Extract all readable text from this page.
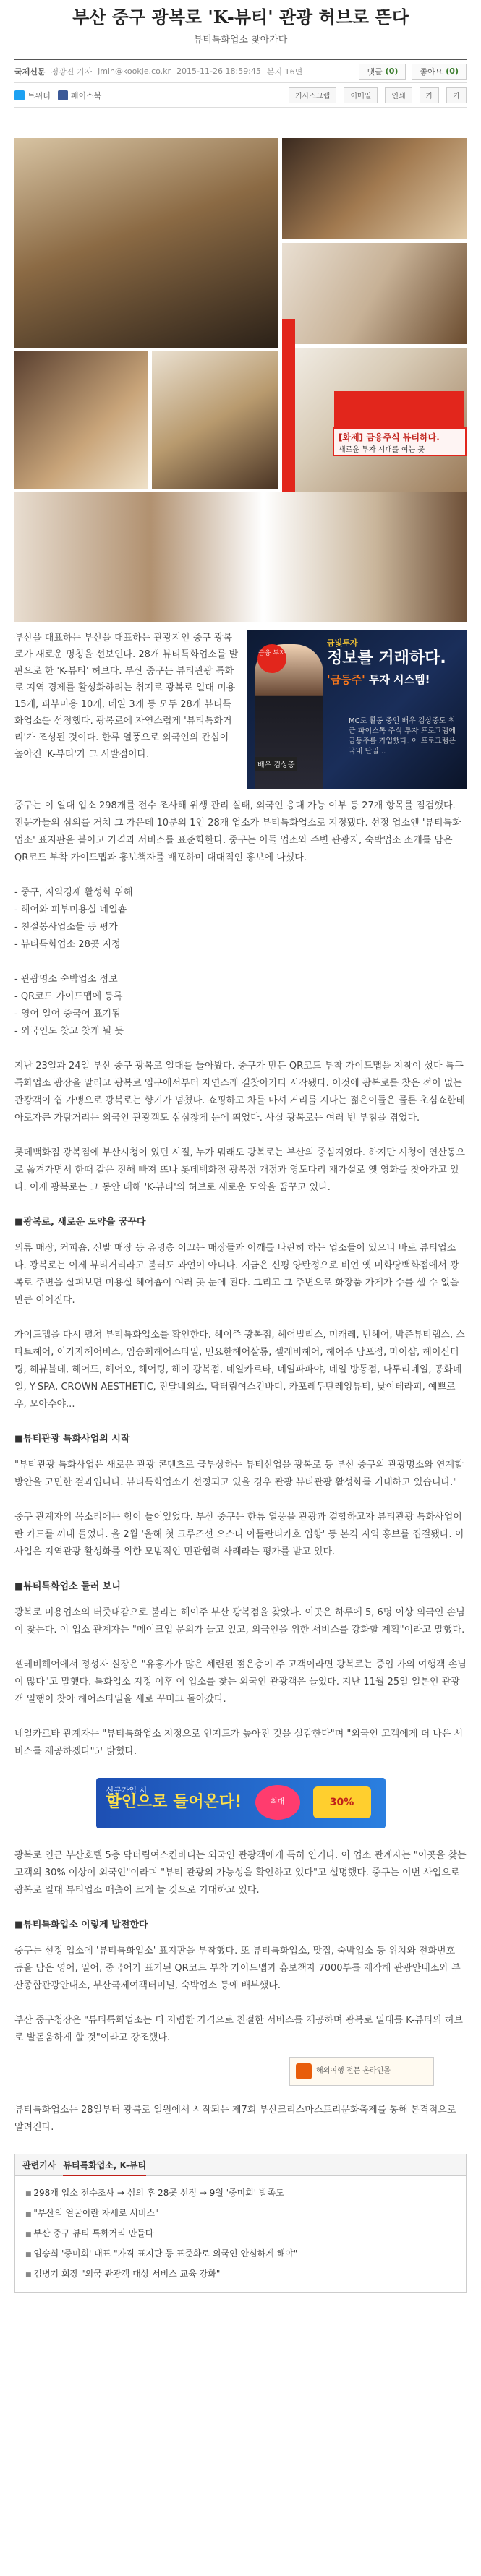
부산 중구 광복로 'K-뷰티' 관광 허브로 뜬다
뷰티특화업소 찾아가다
국제신문 정광진 기자 jmin@kookje.co.kr 2015-11-26 18:59:45 본지 16면	댓글 (0)	좋아요 (0)
트위터	페이스북	기사스크랩	이메일	인쇄	가	가
[화제] 금융주식 뷰티하다.
새로운 투자 시대를 여는 곳
부산을 대표하는 부산을 대표하는 관광지인 중구 광복로가 새로운 명칭을 선보인다. 28개 뷰티특화업소를 발판으로 한 'K-뷰티' 허브다. 부산 중구는 뷰티관광 특화로 지역 경제를 활성화하려는 취지로 광복로 일대 미용 15개, 피부미용 10개, 네일 3개 등 모두 28개 뷰티특화업소를 선정했다. 광복로에 자연스럽게 '뷰티특화거리'가 조성된 것이다. 한류 열풍으로 외국인의 관심이 높아진 'K-뷰티'가 그 시발점이다.
금융 투자
금빛투자
정보를 거래하다.
'금등주' 투자 시스템!
MC로 활동 중인 배우 김상중도 최근 파이스톡 주식 투자 프로그램에 금등주를 가입했다. 이 프로그램은 국내 단일...
배우 김상중

중구는 이 일대 업소 298개를 전수 조사해 위생 관리 실태, 외국인 응대 가능 여부 등 27개 항목를 점검했다. 전문가들의 심의를 거쳐 그 가운데 10분의 1인 28개 업소가 뷰티특화업소로 지정됐다. 선정 업소엔 '뷰티특화업소' 표지판을 붙이고 가격과 서비스를 표준화한다. 중구는 이들 업소와 주변 관광지, 숙박업소 소개를 담은 QR코드 부착 가이드맵과 홍보책자를 배포하며 대대적인 홍보에 나섰다.

- 중구, 지역경제 활성화 위해
- 헤어와 피부미용실 네일숍
- 친절봉사업소들 등 평가
- 뷰티특화업소 28곳 지정
- 관광명소 숙박업소 정보
- QR코드 가이드맵에 등록
- 영어 일어 중국어 표기됨
- 외국인도 찾고 찾게 될 듯

지난 23일과 24일 부산 중구 광복로 일대를 둘아봤다. 중구가 만든 QR코드 부착 가이드맵을 지참이 섰다 특구특화업소 광장을 알리고 광복로 입구에서부터 자연스레 길찾아가다 시작됐다. 이것에 광복로를 찾은 적이 없는 관광객이 쉽 가맹으로 광복로는 향기가 넘쳤다. 쇼핑하고 차를 마셔 거리를 지나는 젊은이들은 물론 초심쇼한테 아로자큰 가탐거리는 외국인 관광객도 심심찮게 눈에 띄었다. 사실 광복로는 여러 번 부침을 겪었다.

롯데백화점 광복점에 부산시청이 있던 시절, 누가 뭐래도 광복로는 부산의 중심지였다. 하지만 시청이 연산동으로 옮겨가면서 한때 갈은 진해 빠져 뜨나 롯데백화점 광복점 개점과 영도다리 재가설로 옛 영화를 찾아가고 있다. 이제 광복로는 그 동안 태해 'K-뷰티'의 허브로 새로운 도약을 꿈꾸고 있다.

■광복로, 새로운 도약을 꿈꾸다

의류 매장, 커피숍, 신발 매장 등 유명층 이끄는 매장들과 어깨를 나란히 하는 업소들이 있으니 바로 뷰티업소다. 광복로는 이제 뷰티거리라고 불러도 과언이 아니다. 지금은 신평 양탄정으로 비언 옛 미화당백화점에서 광복로 주변을 살펴보면 미용실 헤어숍이 여러 곳 눈에 된다. 그리고 그 주변으로 화장품 가게가 수를 셀 수 없을 만큼 이어진다.

가이드맵을 다시 펼쳐 뷰티특화업소를 확인한다. 헤이주 광복점, 헤어빌리스, 미캐레, 빈헤어, 박준뷰티랩스, 스타트헤어, 이가자헤어비스, 임승희헤어스타일, 민요한헤어살롱, 셀레비헤어, 헤어주 남포점, 마이샵, 헤이신터팅, 헤뷰블데, 헤어드, 헤어오, 헤어링, 헤이 광복점, 네일카르타, 네일파파야, 네일 방통점, 나투리네일, 공화네일, Y-SPA, CROWN AESTHETIC, 진달네외소, 닥터림여스킨바디, 카포레두탄레잉뷰티, 낮이테라피, 예쁘로우, 모아수야...

■뷰티관광 특화사업의 시작

"뷰티관광 특화사업은 새로운 관광 콘텐츠로 급부상하는 뷰티산업을 광복로 등 부산 중구의 관광명소와 연계할 방안을 고민한 결과입니다. 뷰티특화업소가 선정되고 있을 경우 관광 뷰티관광 활성화를 기대하고 있습니다."

중구 관계자의 목소리에는 힘이 들어있었다. 부산 중구는 한류 열풍을 관광과 결합하고자 뷰티관광 특화사업이란 카드를 꺼내 들었다. 올 2월 '올해 첫 크루즈선 오스타 아틀란티카호 입항' 등 본격 지역 홍보를 집결됐다. 이 사업은 지역관광 활성화를 위한 모범적인 민관협력 사례라는 평가를 받고 있다.

■뷰티특화업소 둘러 보니

광복로 미용업소의 터줏대감으로 불리는 헤이주 부산 광복점을 찾았다. 이곳은 하루에 5, 6명 이상 외국인 손님이 찾는다. 이 업소 관계자는 "메이크업 문의가 늘고 있고, 외국인을 위한 서비스를 강화할 계획"이라고 말했다.

셀레비헤어에서 정성자 실장은 "유홍가가 많은 세련된 젊은층이 주 고객이라면 광복로는 중입 가의 여행객 손님이 많다"고 말했다. 특화업소 지정 이후 이 업소를 찾는 외국인 관광객은 늘었다. 지난 11월 25일 일본인 관광객 일행이 찾아 헤어스타일을 새로 꾸미고 돌아갔다.

네일카르타 관계자는 "뷰티특화업소 지정으로 인지도가 높아진 것을 실감한다"며 "외국인 고객에게 더 나은 서비스를 제공하겠다"고 밝혔다.

신규가입 시
할인으로 들어온다!	최대	30%

광복로 인근 부산호텔 5층 닥터림여스킨바디는 외국인 관광객에게 특히 인기다. 이 업소 관계자는 "이곳을 찾는 고객의 30% 이상이 외국인"이라며 "뷰티 관광의 가능성을 확인하고 있다"고 설명했다. 중구는 이번 사업으로 광복로 일대 뷰티업소 매출이 크게 늘 것으로 기대하고 있다.

■뷰티특화업소 이렇게 발전한다

중구는 선정 업소에 '뷰티특화업소' 표지판을 부착했다. 또 뷰티특화업소, 맛집, 숙박업소 등 위치와 전화번호 등을 담은 영어, 일어, 중국어가 표기된 QR코드 부착 가이드맵과 홍보책자 7000부를 제작해 관광안내소와 부산종합관광안내소, 부산국제여객터미널, 숙박업소 등에 배부했다.

부산 중구청장은 "뷰티특화업소는 더 저렴한 가격으로 친절한 서비스를 제공하며 광복로 일대를 K-뷰티의 허브로 발돋움하게 할 것"이라고 강조했다.

해외여행 전문 온라인몰

뷰티특화업소는 28일부터 광복로 일원에서 시작되는 제7회 부산크리스마스트리문화축제를 통해 본격적으로 알려진다.

관련기사 뷰티특화업소, K-뷰티
■ 298개 업소 전수조사 → 심의 후 28곳 선정 → 9월 '중미회' 발족도
■ "부산의 얼굴이란 자세로 서비스"
■ 부산 중구 뷰티 특화거리 만들다
■ 임승희 '중미회' 대표 "가격 표지판 등 표준화로 외국인 안심하게 해야"
■ 김병기 회장 "외국 관광객 대상 서비스 교육 강화"
